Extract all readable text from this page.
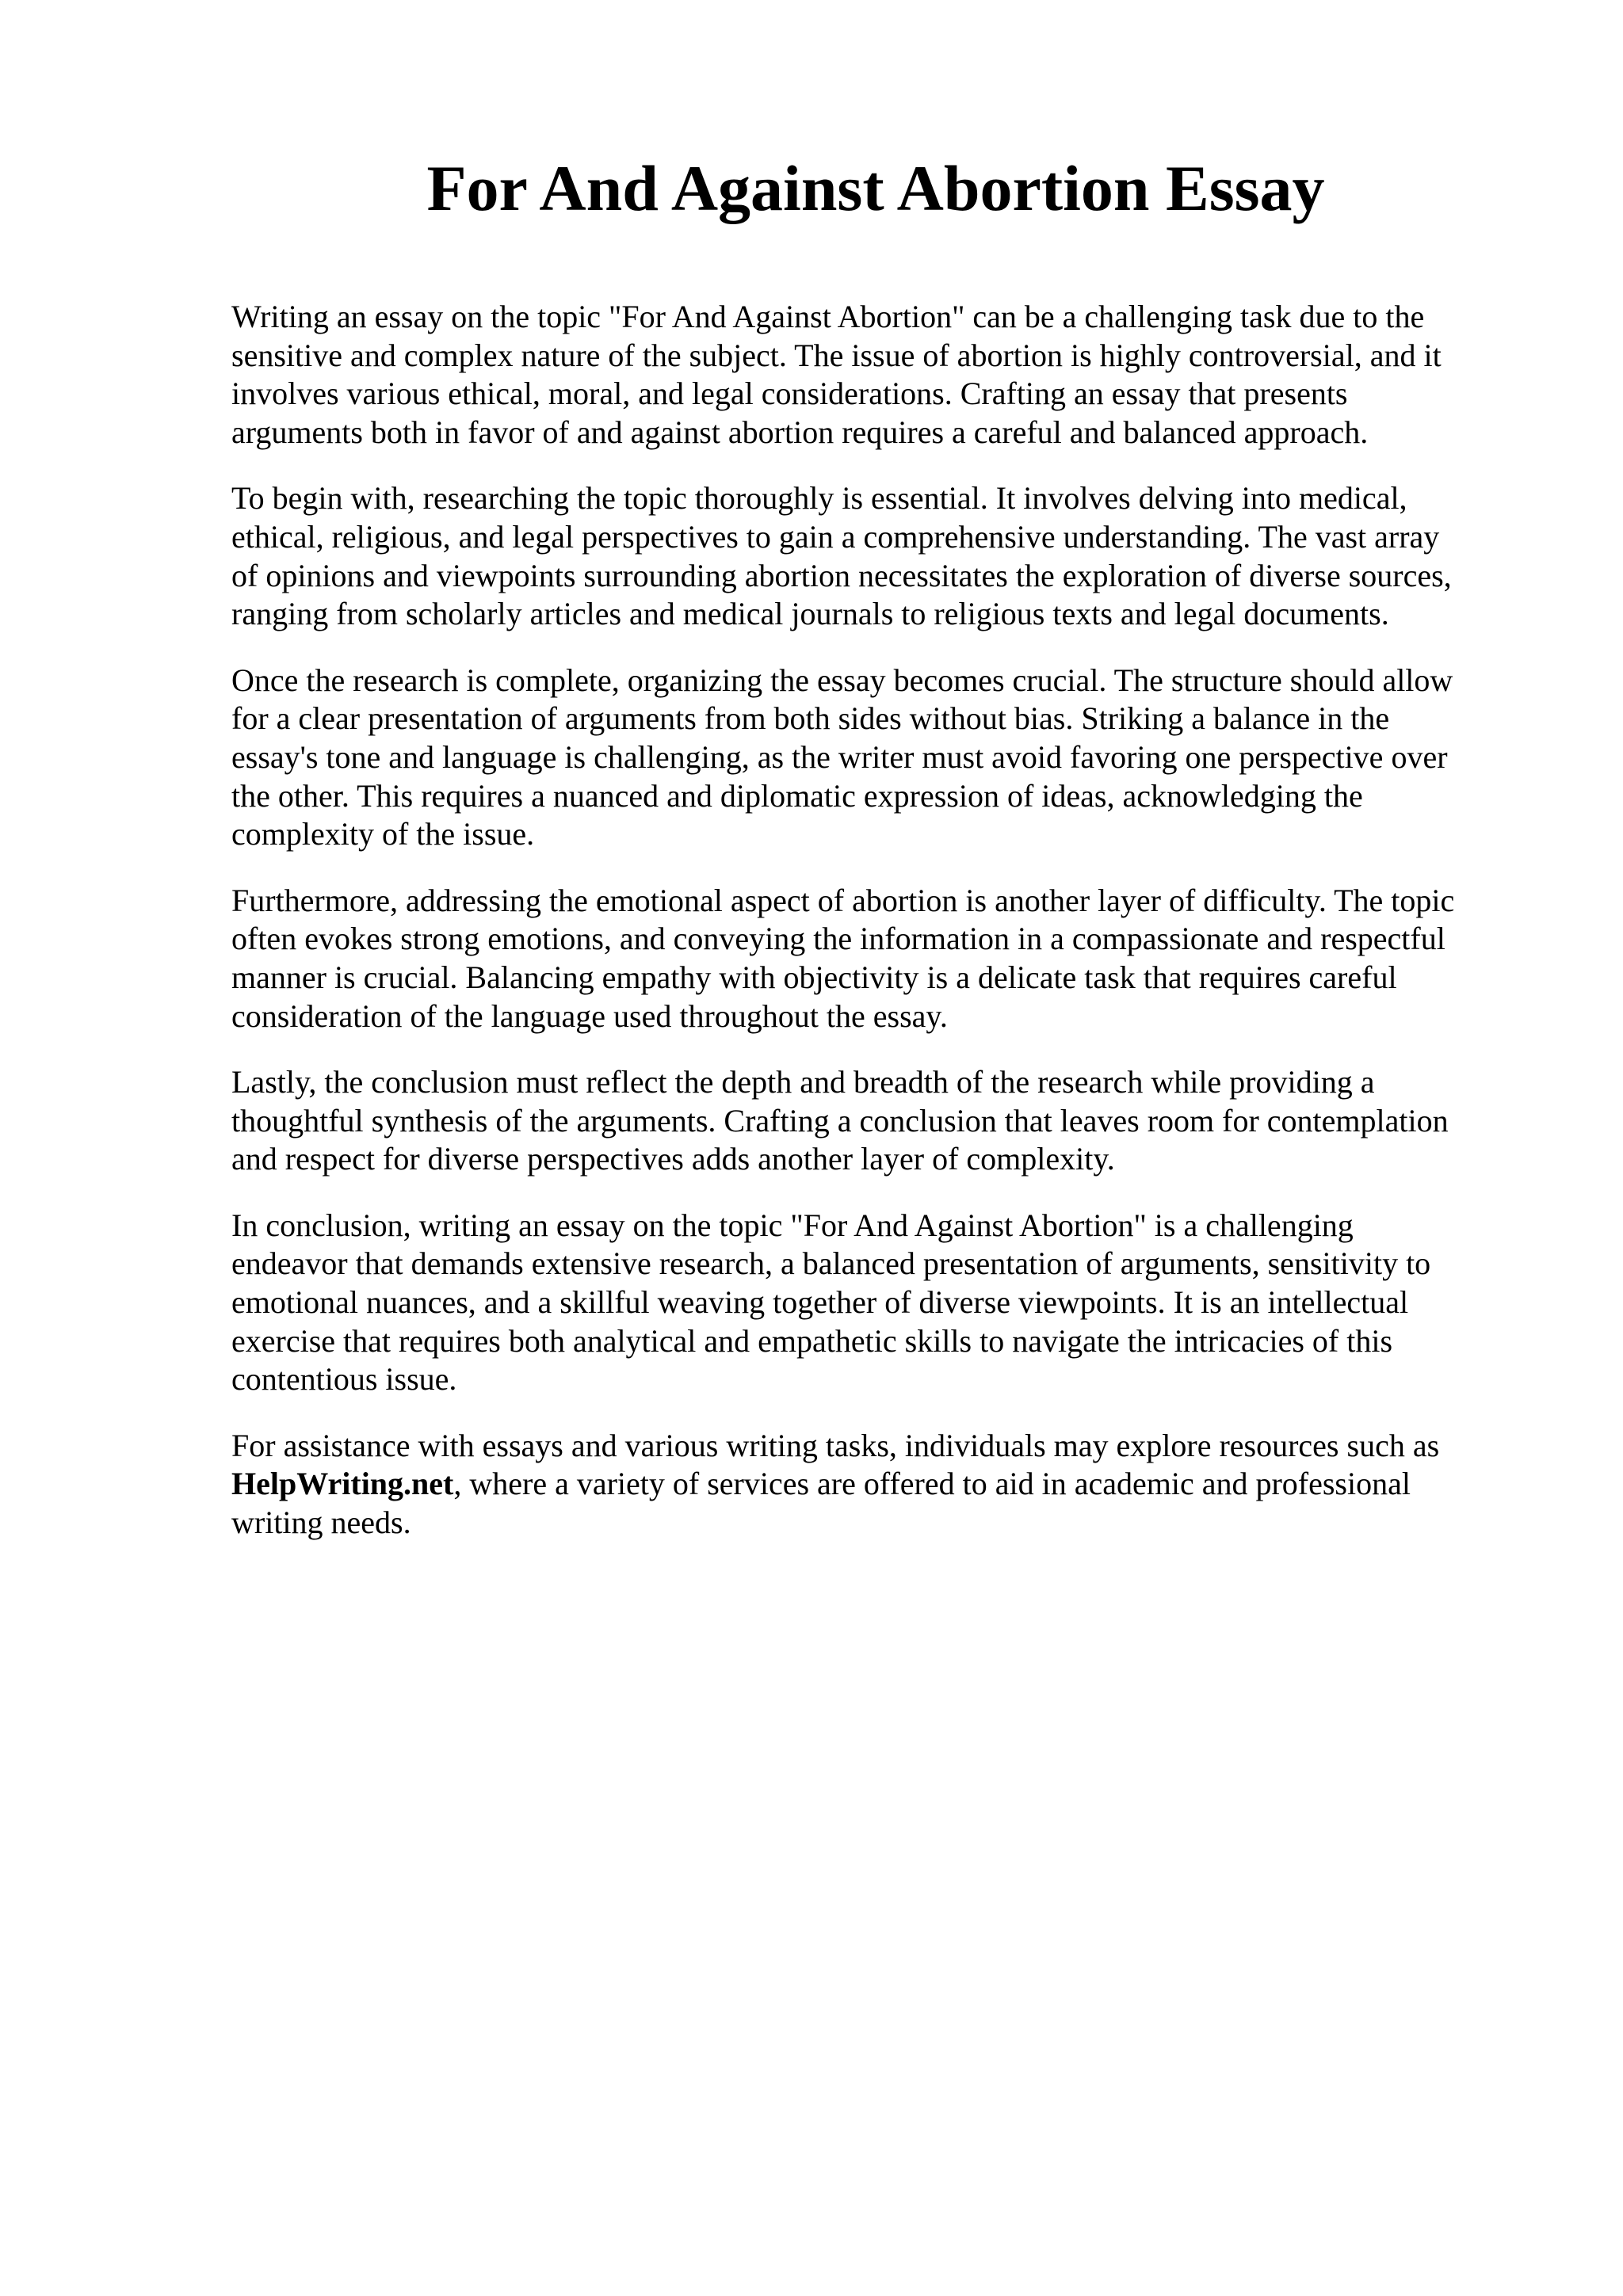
For And Against Abortion Essay

Writing an essay on the topic "For And Against Abortion" can be a challenging task due to the
sensitive and complex nature of the subject. The issue of abortion is highly controversial, and it
involves various ethical, moral, and legal considerations. Crafting an essay that presents
arguments both in favor of and against abortion requires a careful and balanced approach.

To begin with, researching the topic thoroughly is essential. It involves delving into medical,
ethical, religious, and legal perspectives to gain a comprehensive understanding. The vast array
of opinions and viewpoints surrounding abortion necessitates the exploration of diverse sources,
ranging from scholarly articles and medical journals to religious texts and legal documents.

Once the research is complete, organizing the essay becomes crucial. The structure should allow
for a clear presentation of arguments from both sides without bias. Striking a balance in the
essay's tone and language is challenging, as the writer must avoid favoring one perspective over
the other. This requires a nuanced and diplomatic expression of ideas, acknowledging the
complexity of the issue.

Furthermore, addressing the emotional aspect of abortion is another layer of difficulty. The topic
often evokes strong emotions, and conveying the information in a compassionate and respectful
manner is crucial. Balancing empathy with objectivity is a delicate task that requires careful
consideration of the language used throughout the essay.

Lastly, the conclusion must reflect the depth and breadth of the research while providing a
thoughtful synthesis of the arguments. Crafting a conclusion that leaves room for contemplation
and respect for diverse perspectives adds another layer of complexity.

In conclusion, writing an essay on the topic "For And Against Abortion" is a challenging
endeavor that demands extensive research, a balanced presentation of arguments, sensitivity to
emotional nuances, and a skillful weaving together of diverse viewpoints. It is an intellectual
exercise that requires both analytical and empathetic skills to navigate the intricacies of this
contentious issue.

For assistance with essays and various writing tasks, individuals may explore resources such as
HelpWriting.net, where a variety of services are offered to aid in academic and professional
writing needs.
